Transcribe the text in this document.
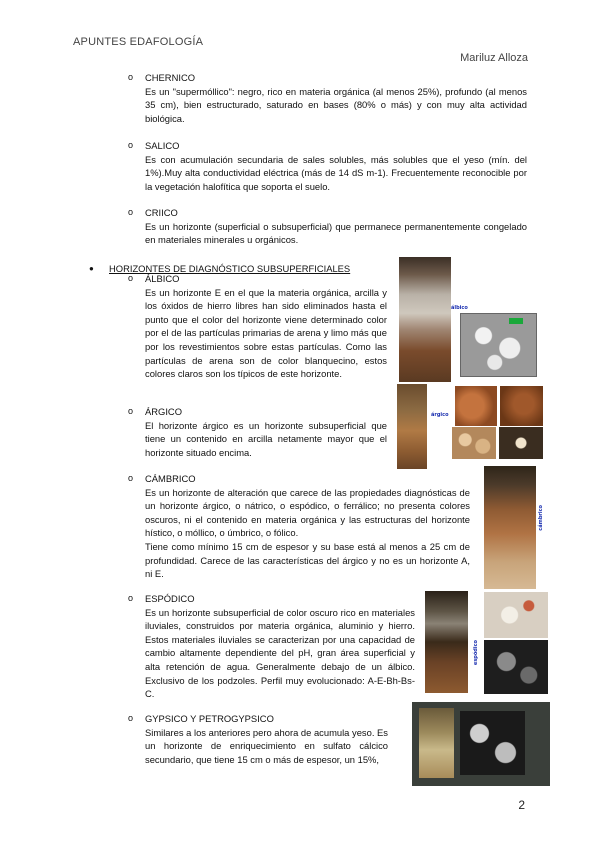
APUNTES EDAFOLOGÍA
Mariluz Alloza
o CHERNICO
Es un "supermóllico": negro, rico en materia orgánica (al menos 25%), profundo (al menos 35 cm), bien estructurado, saturado en bases (80% o más) y con muy alta actividad biológica.
o SALICO
Es con acumulación secundaria de sales solubles, más solubles que el yeso (mín. del 1%).Muy alta conductividad eléctrica (más de 14 dS m-1). Frecuentemente reconocible por la vegetación halofítica que soporta el suelo.
o CRIICO
Es un horizonte (superficial o subsuperficial) que permanece permanentemente congelado en materiales minerales u orgánicos.
● HORIZONTES DE DIAGNÓSTICO SUBSUPERFICIALES
o ÁLBICO
Es un horizonte E en el que la materia orgánica, arcilla y los óxidos de hierro libres han sido eliminados hasta el punto que el color del horizonte viene determinado color por el de las partículas primarias de arena y limo más que por los revestimientos sobre estas partículas. Como las partículas de arena son de color blanquecino, estos colores claros son los típicos de este horizonte.
o ÁRGICO
El horizonte árgico es un horizonte subsuperficial que tiene un contenido en arcilla netamente mayor que el horizonte situado encima.
o CÁMBRICO
Es un horizonte de alteración que carece de las propiedades diagnósticas de un horizonte árgico, o nátrico, o espódico, o ferrálico; no presenta colores oscuros, ni el contenido en materia orgánica y las estructuras del horizonte hístico, o móllico, o úmbrico, o fólico.
Tiene como mínimo 15 cm de espesor y su base está al menos a 25 cm de profundidad. Carece de las características del árgico y no es un horizonte A, ni E.
o ESPÓDICO
Es un horizonte subsuperficial de color oscuro rico en materiales iluviales, construidos por materia orgánica, aluminio y hierro. Estos materiales iluviales se caracterizan por una capacidad de cambio altamente dependiente del pH, gran área superficial y alta retención de agua. Generalmente debajo de un álbico. Exclusivo de los podzoles. Perfil muy evolucionado: A-E-Bh-Bs-C.
o GYPSICO Y PETROGYPSICO
Similares a los anteriores pero ahora de acumula yeso. Es un horizonte de enriquecimiento en sulfato cálcico secundario, que tiene 15 cm o más de espesor, un 15%,
álbico
árgico
cámbrico
espódico
2
